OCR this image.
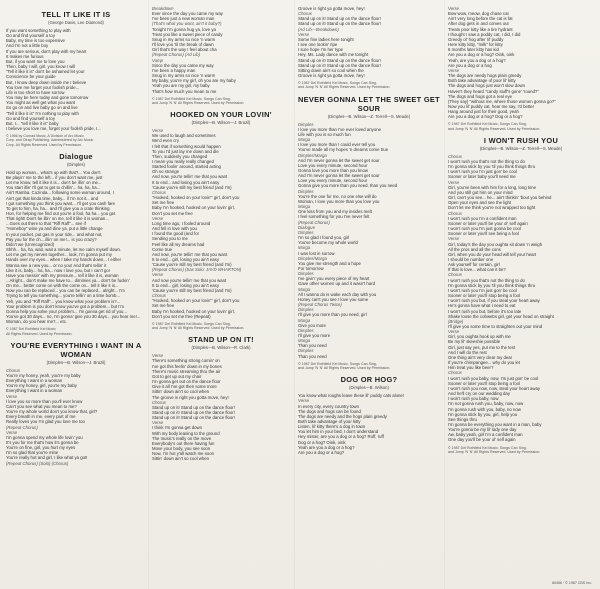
TELL IT LIKE IT IS
(George Davis, Lee Diamond)
If you want something to play with
Go and find yourself a toy
Baby, my time is too expensive
And I'm not a little boy
If you are serious, don't play with my heart
It makes me furious
But, if you want me to love you
Then, baby I will, girl, you know I will
"Tell it like it is" don't be ashamed let your
Conscience be your guide
But, I know deep down inside me I believe
You love me forget your foolish pride...
Life is too short to have sorrow
You may be here today and gone tomorrow
You might as well get what you want
So go on and live baby go on and live
"Tell it like it is" I'm nothing to play with
Go and find yourself a toy
But, I... "tell it like it is" baby
I believe you love me, forget your foolish pride, I...
© 1966 by Conrad Music, A Division of Arc Music
Corp. and Olrap Publishing. Administered by Arc Music
Corp. All Rights Reserved. Used by Permission.
Dialogue
(Dimples)
Hold up woman... what's up with that?... You don't
Be playin' me to the left... if you don't want me, just
Let me know, tell it like it is... don't be illin' on me...
You start illin' I'll got to get to chillin'... ha, ha, ha...
Ain't Ramba. Cuzinda... following some woman around, I
Ain't got that kinda time, baby... if I'm not it... and
I got something you think you want... I'll get you cash fare
To get to him, ha, ha... and I'll give you a crate thinking
Hon, for helping me find out you're a fool, ha ha... you get
That right! Don't be illin' on me, tell it like it is woman...
...Goes out there to that "Riff Raff"... see if
"Homeboy" wine ya and dine ya, put a little change
In your pocket, put gas in your ride... and what not,
Pay you for the ch....illin' on me!... is you crazy?
Didn't we (Unrecognized)
Shhh... ha, ha, wait, wait a minute, let me calm myself down.
Let me get my nerves together... look, I'm gonna put my
Hands over my eyes... when I take my hands down... I either
Wanna see a new you... or no you! And that's tellin' it
Like it is, baby... ha, ha... now I love you, but I can't go!
Have you messin' with my pressure... tell it like it is, woman
...Alright... don't make me have to... dimmies ya... don't be fuckin'
On me... better come on with the come on... tell it like it is...
Now you can be replaced... you can be replaced... alright... I'm
Trying to tell you something... you're tellin' on a time bomb...
Yeh, you and "Riff Raff"... you know what your problem is?...
Your problem is you don't know you've got a problem... but I'm
Gonna help you solve your problem... I'm gonna get rid of you...
You've got 30 days... no, I'm gonna' give you 30 days... you hear me!...
Woman, do you hear me?... etc.
© 1987 Del Rothfield Kei Music
All Rights Reserved. Used by Permission.
YOU'RE EVERYTHING I WANT IN A WOMAN
(Dimples—B. Wilson—J. Brazil)
Chorus
You're my honey, yeah, you're my baby
Everything I want in a woman
You're my honey, girl, you're my baby
Everything I want in a woman
Verse
I love you so more than you'll ever know
Can't you see what you mean to me?
You're my whole world don't you know that, girl?
Every breath in me, every part of me
Really loves you I'm glad you love me too
(Repeat Chorus)
Verse
I'm gonna spend my whole life lovin' you
It's you for me that's how it's gonna be
You're on fine, girl, you hurt my eyes
I'm so glad that you're mine
You're really hot and girl, I like what ya got!
(Repeat Chorus) (Solo) (Chorus)
Breakdown
Ever since the day you came my way
I've been just a new woman man
(That's what you want, ain't it baby?)
Tonight I'm gonna hug ya, love ya
Treat you like a sweet piece of candy
Snug in my arms so nice 'n warm
I'll love you 'til the break of dawn
Girl that's the way I feel about cha
(Repeat Chorus) (Ad Lib)
Vamp
Since the day you came my way
I've been a happy man
Snug in my arms so nice 'n warm
My baby, you're my girl, oh you are my baby
Yeah you are my girl, my baby
That's how much you mean to me
© 1987 Del Rothfield Kei Music, Songs Can Sing,
and Jump 'N 'N' All Rights Reserved. Used by Permission.
HOOKED ON YOUR LOVIN'
(Dimples—B. Wilson—J. Brazil)
Verse
We used to laugh and sometimes
We'd even cry
I felt that if something would happen
To you I'd just lay me down and die
Then, suddenly you changed
I mean you really really changed
Started foolin' around, started acting
Oh so strange
And now, you're tellin' me that you want
It to end... and losing you ain't easy
'Cause you're still my best friend (and I'm)
Chorus
"Hooked, hooked on your lovin'" girl, don't you
Set me free
Baby I'm hooked, hooked on your lovin' girl,
Don't you set me free
Verse
Long time ago, I fooled around
And fell in love with you
I found the good (and for
Sending you to me
Feel like all my dreams had
Come true
And now, you're tellin' me that you want
It to end... girl, losing you ain't easy
'Cause you're still my best friend (and I'm)
(Repeat Chorus) (Sax Solo: JAYD WHARTON)
Verse
And now you're tellin' me that you want
It to end... girl, losing you ain't easy
'Cause you're still my best friend (and I'm)
Chorus
"Hooked, hooked on your lovin'" girl, don't you
Set me free
Baby I'm hooked, hooked on your lovin' girl,
Don't you set me free (Repeat)
© 1987 Del Rothfield Kei Music, Songs Can Sing,
and Jump 'N 'N' All Rights Reserved. Used by Permission.
STAND UP ON IT!
(Dimples—B. Wilson—R. Clark)
Verse
There's something strong comin' on
I've got this feelin' down in my bones
There's music streaming thru the air
Got to get up out my chair
I'm gonna get out on the dance floor
Give it all I've got then some more
Sittin' down ain't so cool when
The groove is right you gotta move, hey!
Chorus
Stand up on it! Stand up on the dance floor!
Stand up on it! Stand up on the dance floor!
Stand up on it! Stand up on the dance floor!
Verse
I think I'm gonna get down
With my body leaning to the ground
The music's really on the move
Everybody's out there having fun
Move your body, you see soon
Now, I'm hot y'all watch me soon
Sittin' down ain't so cool when
Groove is right ya gotta move, hey!
Chorus
Stand up on it! Stand up on the dance floor!
Stand up on it! Stand up on the dance floor!
(Ad Lib—Breakdown)
Verse
Some fine ladies here tonight
I see one lookin' ripe
I sure hope I'm her type
Hey, Ms. Lady dance with me tonight
Stand up on it! Stand up on the dance floor!
Stand up on it! Stand up on the dance floor!
Sitting down ain't so cool when the
Groove is right ya gotta move, hey!
© 1987 Del Rothfield Kei Music, Songs Can Sing,
and Jump 'N 'N' All Rights Reserved. Used by Permission.
NEVER GONNA LET THE SWEET GET SOUR
(Dimples—B. Wilson—Z. Terrell—S. Meade)
Dimples
I love you more than I've ever loved anyone
Life with you is so much fun
Marga
I love you more than I could ever tell you
You've made all my hopes 'n dreams come true
Dimples/Marga
And I'm never gonna let the sweet get sour
Love you every minute, second hour
Gonna love you more than you know
And I'm never gonna let the sweet get sour
Love you every minute, second hour
Gonna give you more than you need, than you need
Dimples
You're the one for me, no one else will do
Woman, I love you more than you love you
Marga
One kiss from you and my insides melt
I feel something for you I've never felt
(Repeat Chorus)
Dialogue
Dimples
I'm so glad I found you, girl
You've become my whole world
Marga
I was lost in sorrow
Dimples/Marga
You give me strength and a hope
For tomorrow
Dimples
I've givin' you every piece of my heart
Gave other women up and it wasn't hard
Marga
All I wanna do is wake each day with you
Honey can't you see I love you some
(Repeat Chorus Twice)
Dimples
I'll give you more than you need, girl
Marga
Give you more
Dimples
I'll give you more
Marga
Than you need
Dimples
Than you need
© 1987 Del Rothfield Kei Music, Songs Can Sing,
and Jump 'N 'N' All Rights Reserved. Used by Permission.
DOG OR HOG?
(Dimples—B. Wilson)
You know what roughs leave these lil' puddy cats alone!
Verse
In every city, every country town
The dogs and hogs can be found
The dogs are needy and the hogs plain greedy
Both take advantage of your kitty
Listen, lil' kitty there's a dog in town
You let him in your bed, I don't understand
Hey mister, are you a dog or a hog? Ruff, ruff
Dog or a hog? Oink, oink
Yeah are you a dog or a hog?
Are you a dog or a hog?
Verse
Bow wow, meow, dog chase cat
Ain't very long before the cat is fat
After dog gets in and comes out
Treats poor kitty like a tire hydrant
I thought I saw a poddy cat, I did, I did
Greedy ol' hog after lil' puddy
Here kitty kitty, "milk" for kitty
6 months later kitty has kid
Are you a dog or a hog? Oink, oink
Yeah, are you a dog or a hog?
Are you a dog or a hog
Verse
The dogs are needy hogs plain greedy
Both take advantage of poor lil' kitty
The dogs and hogs just won't slow down
Haven't they heard "candy stuff's gone' 'round?"
The dogs and hogs got a real eye
(They say) "without me, where those women gonna go?"
Now you lil' puddy cat, hear me say, I'd better
Hang around just for their good, yeah
Are you a dog or a hog? Dog or a hog?
© 1987 Del Rothfield Kei Music, Songs Can Sing,
and Jump 'N 'N' All Rights Reserved. Used by Permission.
I WON'T RUSH YOU
(Dimples—B. Wilson—Z. Terrell—S. Meade)
Chorus
I won't rush you that's not the thing to do
I'm gonna stick by you 'til you think things thru
I won't rush you I'm just gon' be cool
Sooner or later baby you'll need me
Verse
Girl, you've been with him for a long, long time
And you still got him on your mind
Girl, can't you see... he... ain't thinkin' 'bout you behind
Open your eyes and see the light
Don't let me think you're not wrapped too tight
Chorus
I won't rush you I'm a confident man
Sooner or later you'll be your ol' self again
I won't rush you I'm just gonna be cool
Sooner or later you'll see being a fool
Verse
Girl, today's the day you oughta sit down 'n weigh
All the pros and all the cons
Girl, when you do your head will tell your heart
I should be number one
Ask yourself for certain, girl
If that is love... what can it be?
Chorus
I won't rush you that's not the thing to do
I'm gonna stick by you 'til you think things thru
I won't rush you I'm just gon' be cool
Sooner or later you'll stop being a fool
I won't rush you but, if you steal your heart away
He's gonna have what I need to eat
I won't rush you but, before it's too late
Shake loose the cobwebs girl, get your head on straight
(Bridge)
I'll give you some time to straighten out your mind
Verse
Girl, you oughta hook up with me
Be my lil' skeeshie possible
Girl, just say yes, put me to the test
And I will do the rest
One thing ain't very clear my dear
If you're chimpangee... why do you let
Him treat you like beer?
Chorus
I won't rush you baby, now, I'm just gon' be cool
Sooner or later you'll stop being a fool
I won't rush you now, now, steal your heart away
And he'll cry on our wedding day
I won't rush you baby, now
I'm not gonna rush you, baby, now, now
I'm gonna rush with you, baby, no now
I'm gonna stick by you, girl, help you
See things thru
I'm gonna be everything you want in a man, baby
You're gonna be my lil' lady one day
Aw, baby yeah, girl I'm a confident man
One day you'll be your ol' self again
© 1987 Del Rothfield Kei Music, Songs Can Sing,
and Jump 'N 'N' All Rights Reserved. Used by Permission.
60456 · © 1987 CBS Inc.
